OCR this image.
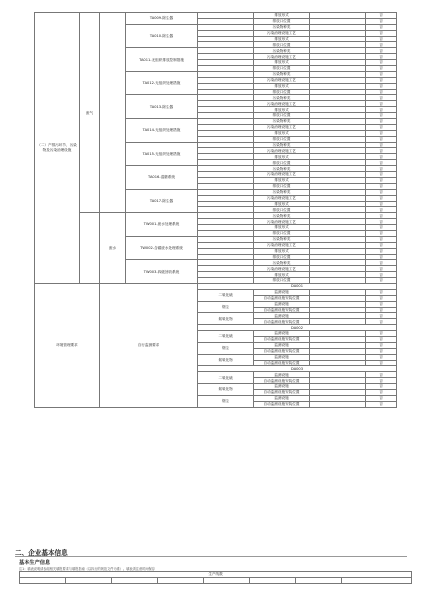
（二）产排污环节、污染物及污染治理设施	废气		TA009-除尘器		排放形式		否
					排放口位置		否
			TA010-除尘器		污染物种类		否
					污染治理设施工艺		否
					排放形式		否
					排放口位置		否
			TA011-无组织排放控制措施		污染物种类		否
					污染治理设施工艺		否
					排放形式		否
					排放口位置		否
			TA012-无组织处理措施		污染物种类		否
					污染治理设施工艺		否
					排放形式		否
					排放口位置		否
			TA013-除尘器		污染物种类		否
					污染治理设施工艺		否
					排放形式		否
					排放口位置		否
			TA014-无组织处理措施		污染物种类		否
					污染治理设施工艺		否
					排放形式		否
					排放口位置		否
			TA015-无组织处理措施		污染物种类		否
					污染治理设施工艺		否
					排放形式		否
					排放口位置		否
			TA016-湿磨系统		污染物种类		否
					污染治理设施工艺		否
					排放形式		否
					排放口位置		否
			TA017-除尘器		污染物种类		否
					污染治理设施工艺		否
					排放形式		否
					排放口位置		否
		废水	TW001-废水处理系统		污染物种类		否
					污染治理设施工艺		否
					排放形式		否
					排放口位置		否
			TW002-含碳废水处理系统		污染物种类		否
					污染治理设施工艺		否
					排放形式		否
					排放口位置		否
			TW003-四级回收系统		污染物种类		否
					污染治理设施工艺		否
					排放形式		否
					排放口位置		否
环境管理要求		自行监测要求		DA001			
				二氧化硫	监测设施		否
					自动监测设施安装位置		否
				烟尘	监测设施		否
					自动监测设施安装位置		否
				氮氧化物	监测设施		否
					自动监测设施安装位置		否
				DA002			
				二氧化硫	监测设施		否
					自动监测设施安装位置		否
				烟尘	监测设施		否
					自动监测设施安装位置		否
				氮氧化物	监测设施		否
					自动监测设施安装位置		否
				DA003			
				二氧化硫	监测设施		否
					自动监测设施安装位置		否
				氮氧化物	监测设施		否
					自动监测设施安装位置		否
				烟尘	监测设施		否
					自动监测设施安装位置		否
二、企业基本信息
基本生产信息
注1：填表说明请参阅相关填报要求与填报指南（以执行的规范文件为准）。填表须注意时间保存
生产线数
